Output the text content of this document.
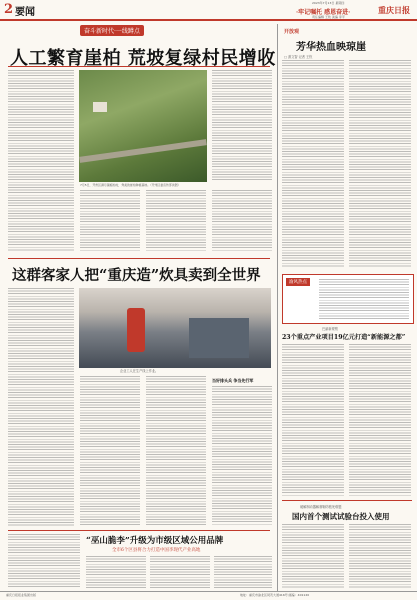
2 要闻	·牢记嘱托 感恩奋进·
2023年7月13日 星期四
重庆日报
责任编辑 王钦 美编 李平
奋斗新时代·一线蹲点
人工繁育崖柏 荒坡复绿村民增收
7月5日，开州区满月镇蜡柏村，秀美的崖柏种植基地。（开州区委宣传部供图）
这群客家人把“重庆造”炊具卖到全世界
企业工人在生产线上作业。
当好排头兵 争当先行军
“巫山脆李”升级为市级区域公用品牌
全市6个区县将合力打造中国李现代产业高地
开放观
芳华热血映琼崖
□ 游文智 记者 王钦
渝风热点
巴渝新观察
23个重点产业项目19亿元打造“新能源之都”
破解制动器解刹勒防抱死难题
国内首个测试试验台投入使用
重庆日报报业集团出版	地址：重庆市渝北区同茂大道416号 邮编：401120
